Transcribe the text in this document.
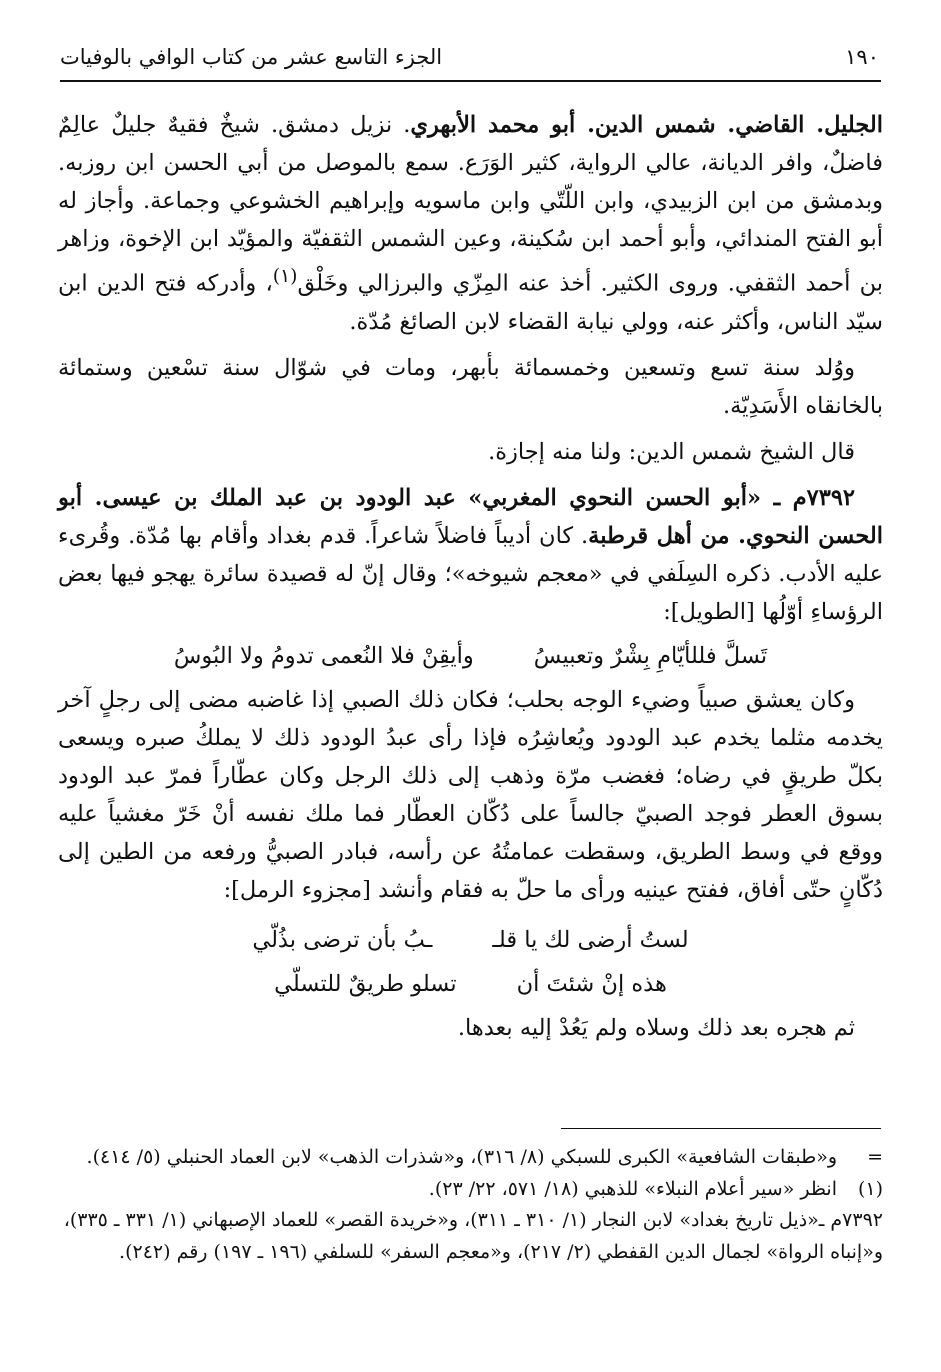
١٩٠
الجزء التاسع عشر من كتاب الوافي بالوفيات

الجليل. القاضي. شمس الدين. أبو محمد الأبهري. نزيل دمشق. شيخٌ فقيهٌ جليلٌ عالِمٌ فاضلٌ، وافر الديانة، عالي الرواية، كثير الوَرَع. سمع بالموصل من أبي الحسن ابن روزبه. وبدمشق من ابن الزبيدي، وابن اللّتّي وابن ماسويه وإبراهيم الخشوعي وجماعة. وأجاز له أبو الفتح المندائي، وأبو أحمد ابن سُكينة، وعين الشمس الثقفيّة والمؤيّد ابن الإخوة، وزاهر بن أحمد الثقفي. وروى الكثير. أخذ عنه المِزّي والبرزالي وخَلْق$^{(١)}$، وأدركه فتح الدين ابن سيّد الناس، وأكثر عنه، وولي نيابة القضاء لابن الصائغ مُدّة.

ووُلد سنة تسع وتسعين وخمسمائة بأبهر، ومات في شوّال سنة تسْعين وستمائة بالخانقاه الأَسَدِيّة.

قال الشيخ شمس الدين: ولنا منه إجازة.

٧٣٩٢م ـ «أبو الحسن النحوي المغربي» عبد الودود بن عبد الملك بن عيسى. أبو الحسن النحوي. من أهل قرطبة. كان أديباً فاضلاً شاعراً. قدم بغداد وأقام بها مُدّة. وقُرىء عليه الأدب. ذكره السِلَفي في «معجم شيوخه»؛ وقال إنّ له قصيدة سائرة يهجو فيها بعض الرؤساءِ أوّلُها [الطويل]:

تَسلَّ فللأيّامِ بِشْرٌ وتعبيسُ
وأيقِنْ فلا النُعمى تدومُ ولا البُوسُ

وكان يعشق صبياً وضيء الوجه بحلب؛ فكان ذلك الصبي إذا غاضبه مضى إلى رجلٍ آخر يخدمه مثلما يخدم عبد الودود ويُعاشِرُه فإذا رأى عبدُ الودود ذلك لا يملكُ صبره ويسعى بكلّ طريقٍ في رضاه؛ فغضب مرّة وذهب إلى ذلك الرجل وكان عطّاراً فمرّ عبد الودود بسوق العطر فوجد الصبيّ جالساً على دُكّان العطّار فما ملك نفسه أنْ خَرّ مغشياً عليه ووقع في وسط الطريق، وسقطت عمامتُهُ عن رأسه، فبادر الصبيُّ ورفعه من الطين إلى دُكّانٍ حتّى أفاق، ففتح عينيه ورأى ما حلّ به فقام وأنشد [مجزوء الرمل]:

لستُ أرضى لك يا قلـ
ـبُ بأن ترضى بذُلّي
هذه إنْ شئتَ أن
تسلو طريقٌ للتسلّي

ثم هجره بعد ذلك وسلاه ولم يَعُدْ إليه بعدها.

=و«طبقات الشافعية» الكبرى للسبكي (٨/ ٣١٦)، و«شذرات الذهب» لابن العماد الحنبلي (٥/ ٤١٤).

(١)انظر «سير أعلام النبلاء» للذهبي (١٨/ ٥٧١، ٢٢/ ٢٣).

٧٣٩٢م ـ«ذيل تاريخ بغداد» لابن النجار (١/ ٣١٠ ـ ٣١١)، و«خريدة القصر» للعماد الإصبهاني (١/ ٣٣١ ـ ٣٣٥)، و«إنباه الرواة» لجمال الدين القفطي (٢/ ٢١٧)، و«معجم السفر» للسلفي (١٩٦ ـ ١٩٧) رقم (٢٤٢).
